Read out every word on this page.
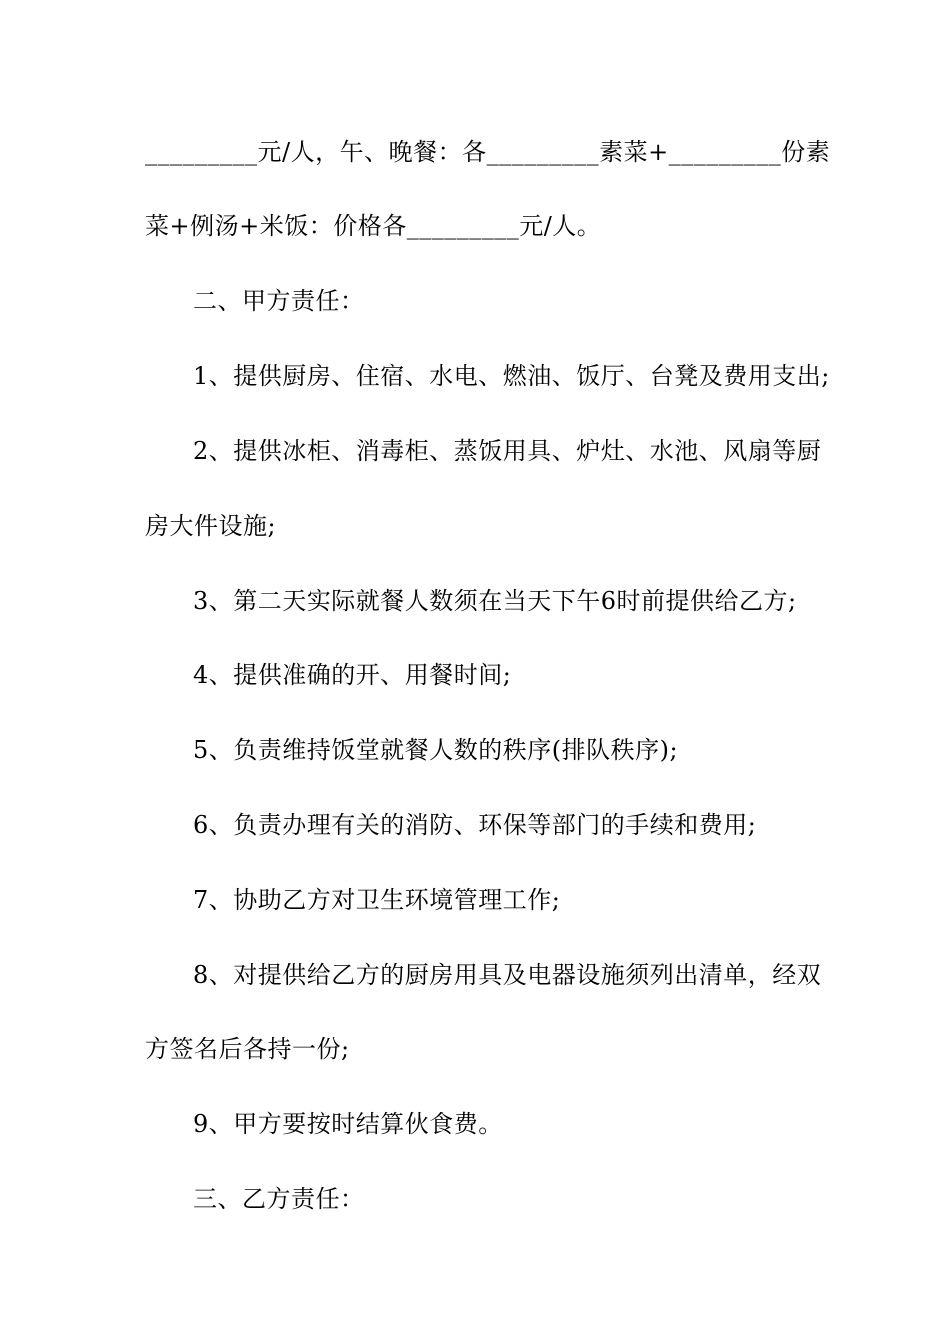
_________元/人，午、晚餐：各_________素菜+_________份素
菜+例汤+米饭：价格各_________元/人。
二、甲方责任：
1、提供厨房、住宿、水电、燃油、饭厅、台凳及费用支出;
2、提供冰柜、消毒柜、蒸饭用具、炉灶、水池、风扇等厨
房大件设施;
3、第二天实际就餐人数须在当天下午6时前提供给乙方;
4、提供准确的开、用餐时间;
5、负责维持饭堂就餐人数的秩序(排队秩序);
6、负责办理有关的消防、环保等部门的手续和费用;
7、协助乙方对卫生环境管理工作;
8、对提供给乙方的厨房用具及电器设施须列出清单，经双
方签名后各持一份;
9、甲方要按时结算伙食费。
三、乙方责任：
